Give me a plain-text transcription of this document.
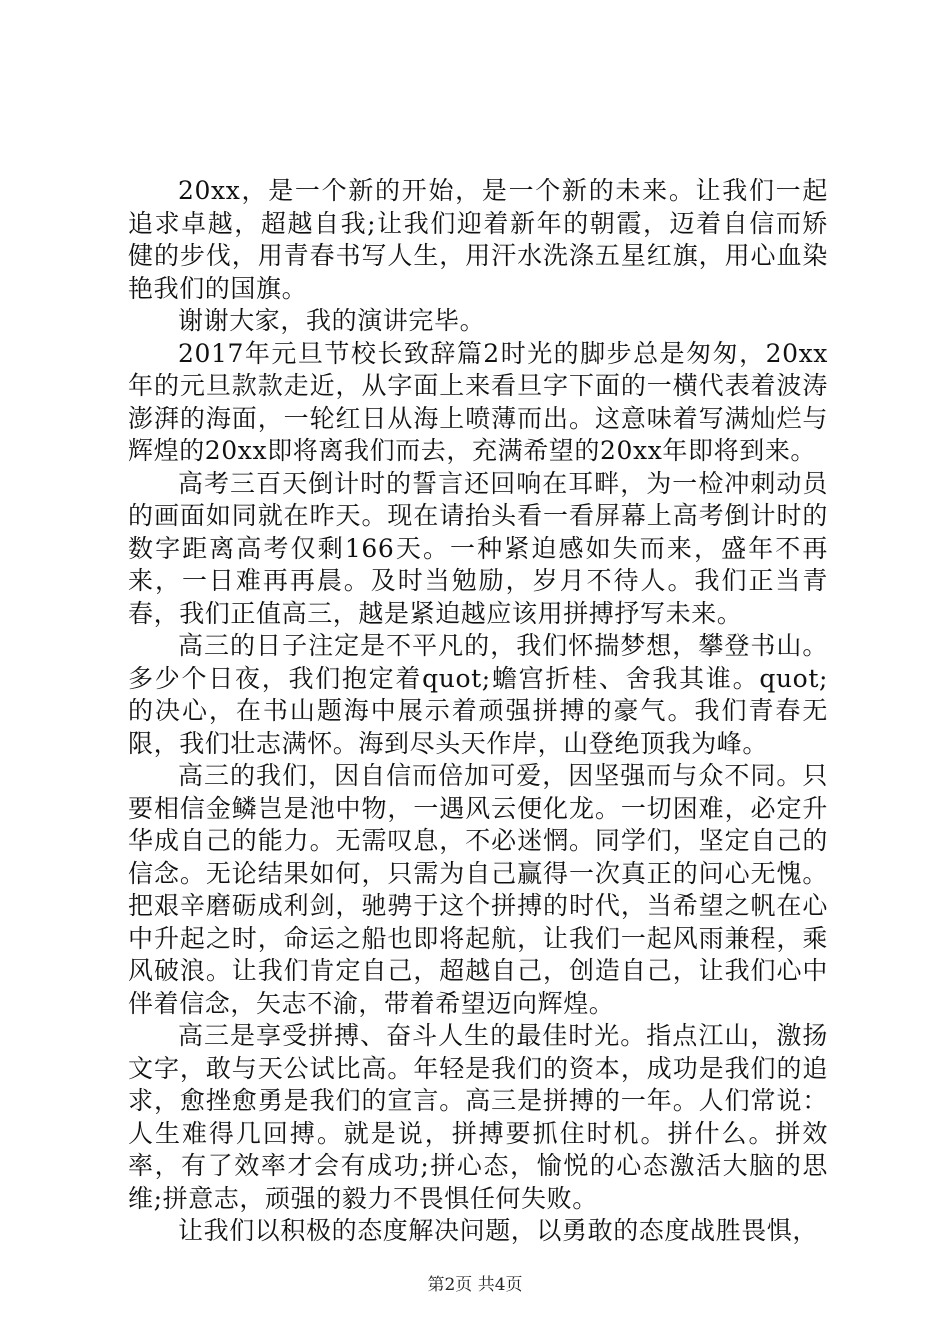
20xx，是一个新的开始，是一个新的未来。让我们一起追求卓越，超越自我;让我们迎着新年的朝霞，迈着自信而矫健的步伐，用青春书写人生，用汗水洗涤五星红旗，用心血染艳我们的国旗。

谢谢大家，我的演讲完毕。

2017年元旦节校长致辞篇2时光的脚步总是匆匆，20xx年的元旦款款走近，从字面上来看旦字下面的一横代表着波涛澎湃的海面，一轮红日从海上喷薄而出。这意味着写满灿烂与辉煌的20xx即将离我们而去，充满希望的20xx年即将到来。

高考三百天倒计时的誓言还回响在耳畔，为一检冲刺动员的画面如同就在昨天。现在请抬头看一看屏幕上高考倒计时的数字距离高考仅剩166天。一种紧迫感如失而来，盛年不再来，一日难再再晨。及时当勉励，岁月不待人。我们正当青春，我们正值高三，越是紧迫越应该用拼搏抒写未来。

高三的日子注定是不平凡的，我们怀揣梦想，攀登书山。多少个日夜，我们抱定着quot;蟾宫折桂、舍我其谁。quot;的决心，在书山题海中展示着顽强拼搏的豪气。我们青春无限，我们壮志满怀。海到尽头天作岸，山登绝顶我为峰。

高三的我们，因自信而倍加可爱，因坚强而与众不同。只要相信金鳞岂是池中物，一遇风云便化龙。一切困难，必定升华成自己的能力。无需叹息，不必迷惘。同学们，坚定自己的信念。无论结果如何，只需为自己赢得一次真正的问心无愧。把艰辛磨砺成利剑，驰骋于这个拼搏的时代，当希望之帆在心中升起之时，命运之船也即将起航，让我们一起风雨兼程，乘风破浪。让我们肯定自己，超越自己，创造自己，让我们心中伴着信念，矢志不渝，带着希望迈向辉煌。

高三是享受拼搏、奋斗人生的最佳时光。指点江山，激扬文字，敢与天公试比高。年轻是我们的资本，成功是我们的追求，愈挫愈勇是我们的宣言。高三是拼搏的一年。人们常说：人生难得几回搏。就是说，拼搏要抓住时机。拼什么。拼效率，有了效率才会有成功;拼心态，愉悦的心态激活大脑的思维;拼意志，顽强的毅力不畏惧任何失败。

让我们以积极的态度解决问题，以勇敢的态度战胜畏惧，

第2页 共4页
